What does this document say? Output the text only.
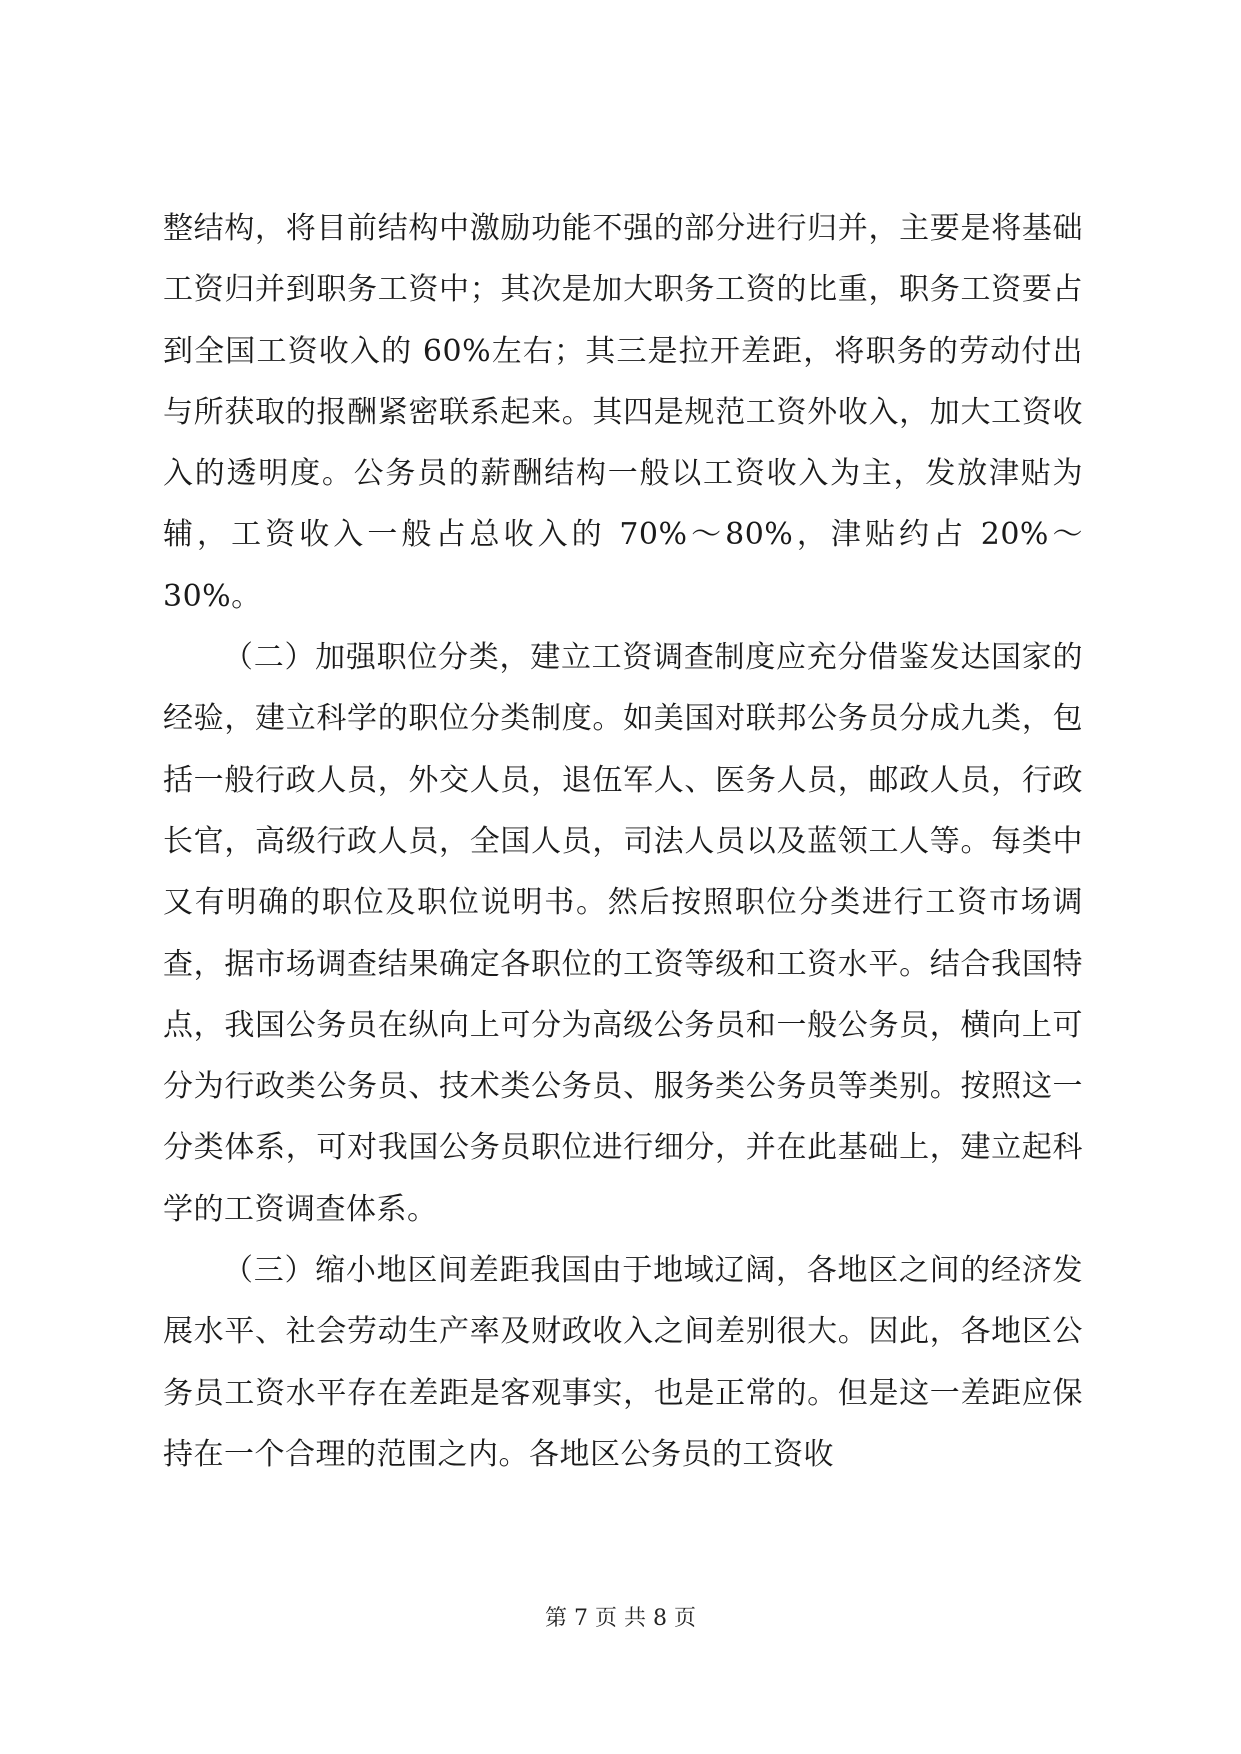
整结构，将目前结构中激励功能不强的部分进行归并，主要是将基础工资归并到职务工资中；其次是加大职务工资的比重，职务工资要占到全国工资收入的 60%左右；其三是拉开差距，将职务的劳动付出与所获取的报酬紧密联系起来。其四是规范工资外收入，加大工资收入的透明度。公务员的薪酬结构一般以工资收入为主，发放津贴为辅，工资收入一般占总收入的 70%～80%，津贴约占 20%～30%。

（二）加强职位分类，建立工资调查制度应充分借鉴发达国家的经验，建立科学的职位分类制度。如美国对联邦公务员分成九类，包括一般行政人员，外交人员，退伍军人、医务人员，邮政人员，行政长官，高级行政人员，全国人员，司法人员以及蓝领工人等。每类中又有明确的职位及职位说明书。然后按照职位分类进行工资市场调查，据市场调查结果确定各职位的工资等级和工资水平。结合我国特点，我国公务员在纵向上可分为高级公务员和一般公务员，横向上可分为行政类公务员、技术类公务员、服务类公务员等类别。按照这一分类体系，可对我国公务员职位进行细分，并在此基础上，建立起科学的工资调查体系。

（三）缩小地区间差距我国由于地域辽阔，各地区之间的经济发展水平、社会劳动生产率及财政收入之间差别很大。因此，各地区公务员工资水平存在差距是客观事实，也是正常的。但是这一差距应保持在一个合理的范围之内。各地区公务员的工资收

第 7 页 共 8 页
